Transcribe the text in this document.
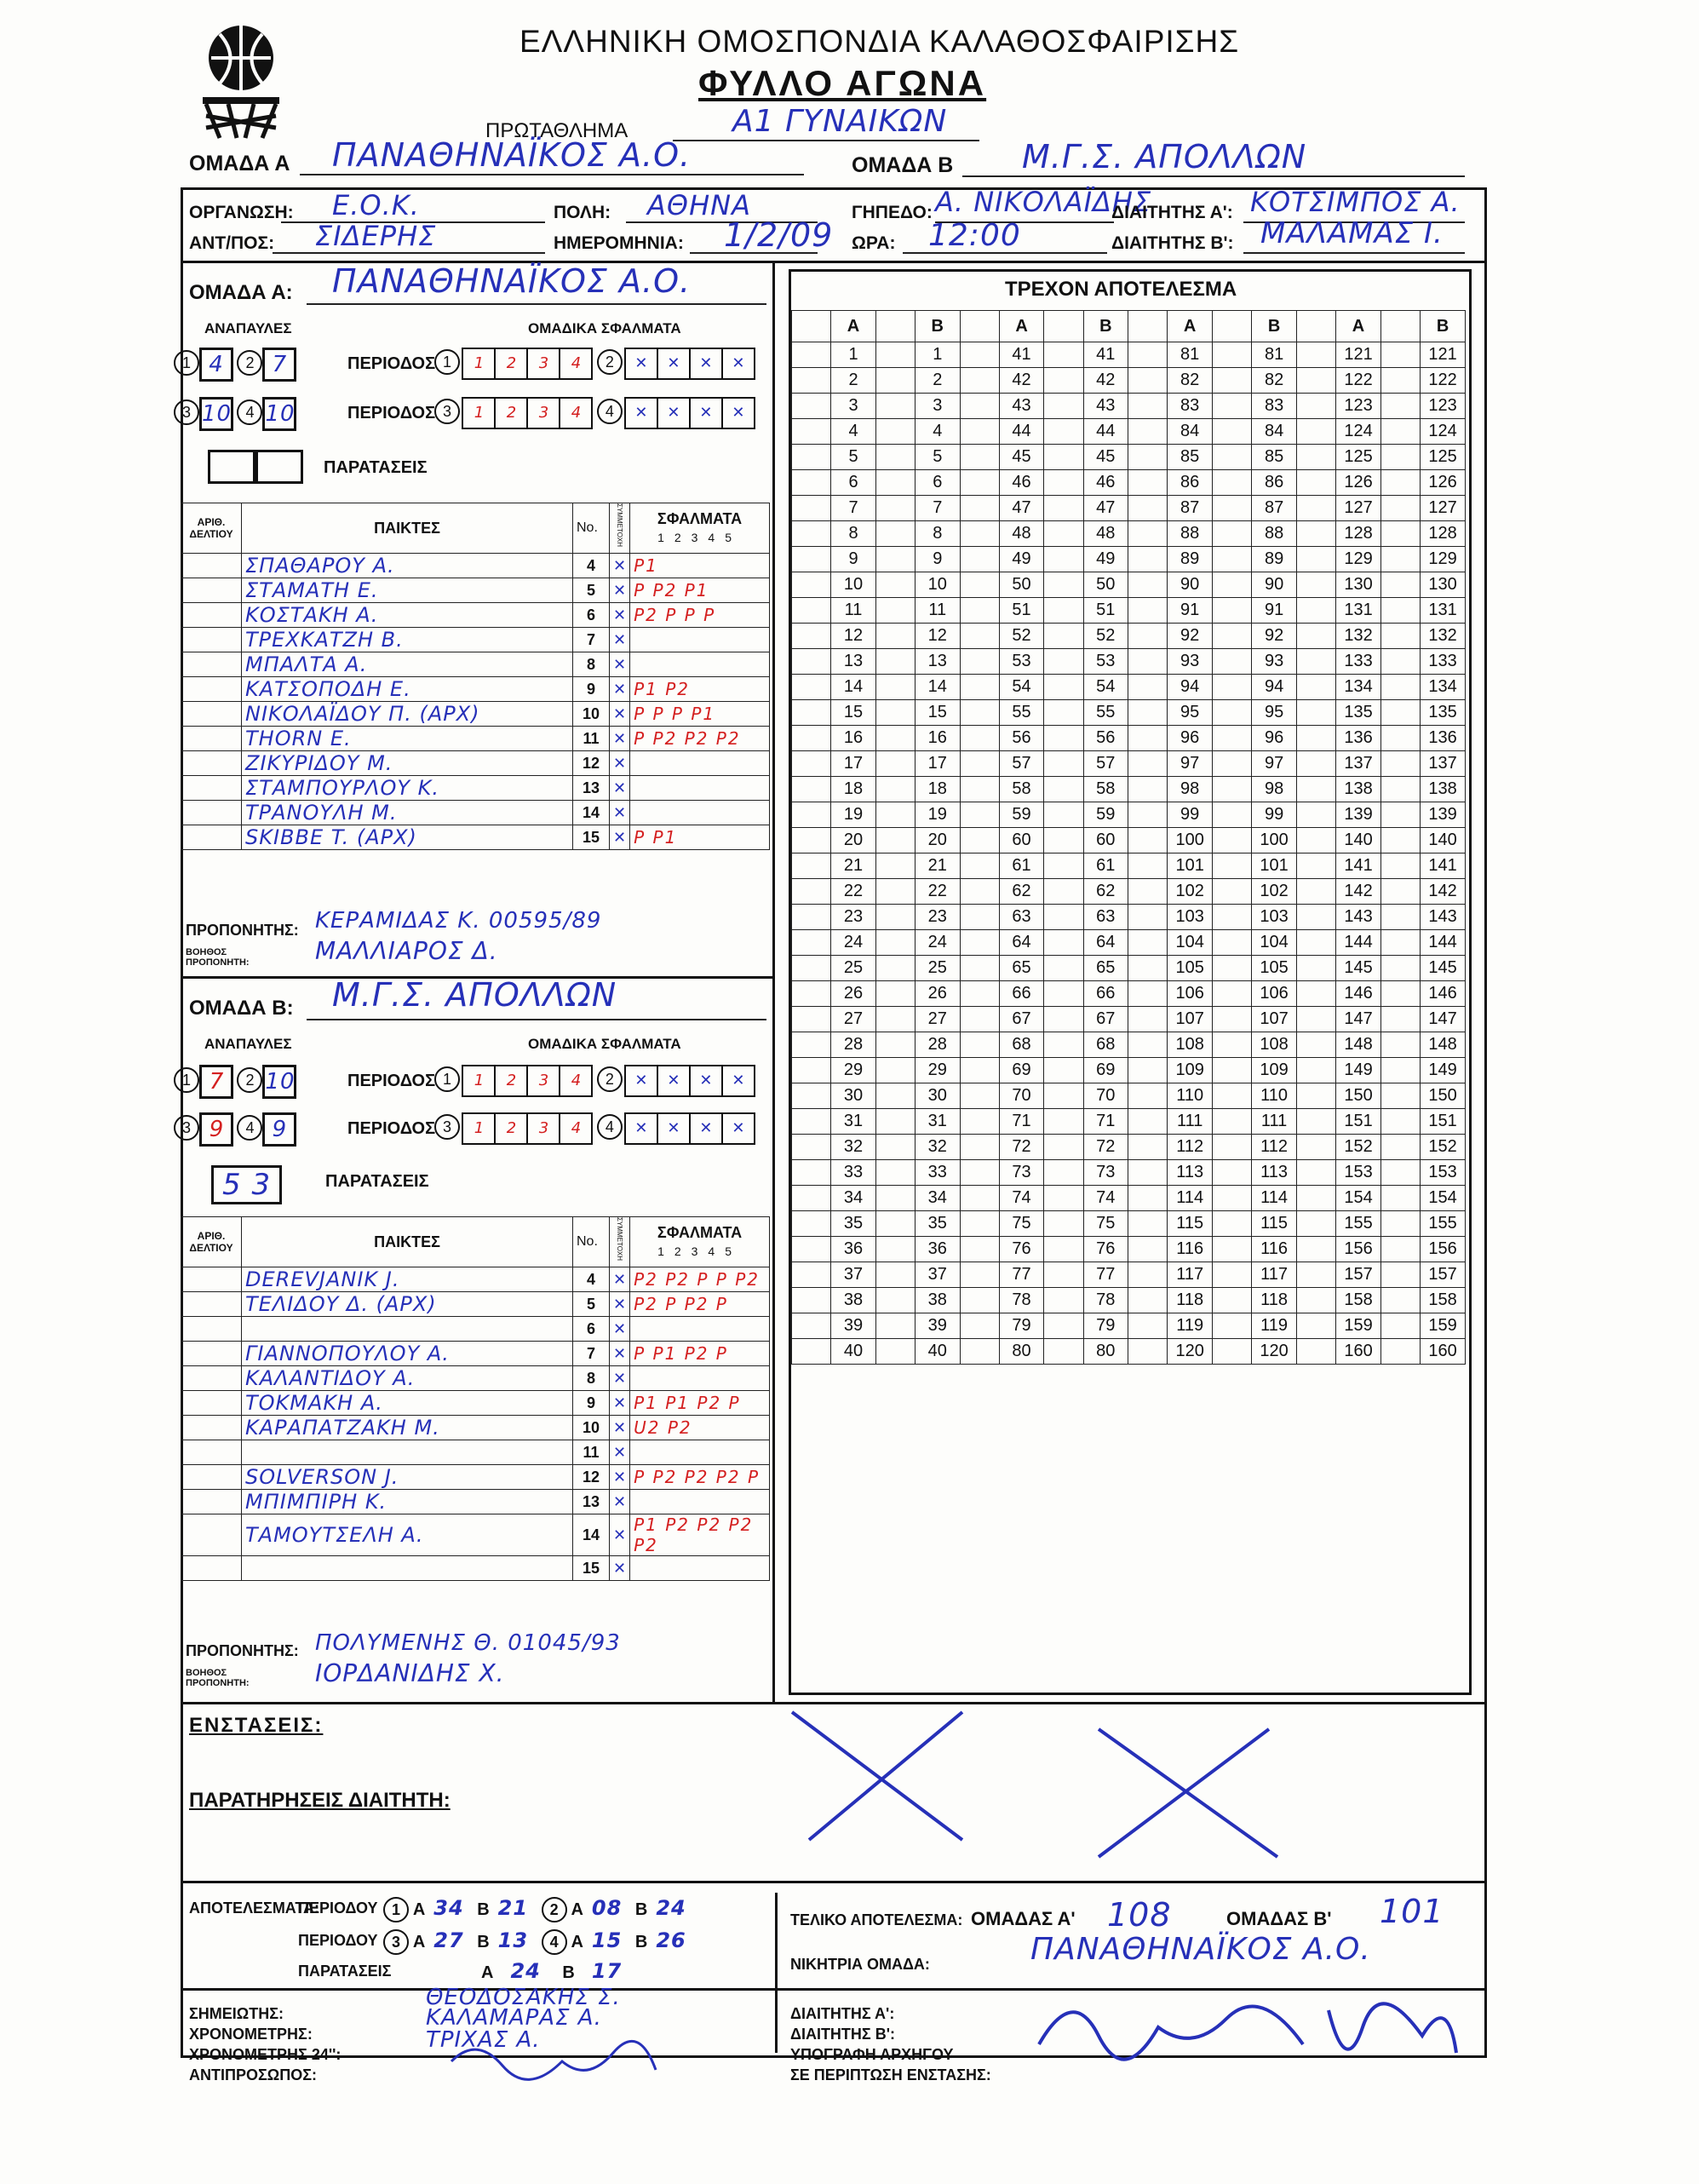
ΕΛΛΗΝΙΚΗ ΟΜΟΣΠΟΝΔΙΑ ΚΑΛΑΘΟΣΦΑΙΡΙΣΗΣ
ΦΥΛΛΟ ΑΓΩΝΑ
ΠΡΩΤΑΘΛΗΜΑ	Α1 ΓΥΝΑΙΚΩΝ
ΟΜΑΔΑ Α ΠΑΝΑΘΗΝΑΪΚΟΣ Α.Ο.	ΟΜΑΔΑ Β Μ.Γ.Σ. ΑΠΟΛΛΩΝ
ΟΡΓΑΝΩΣΗ: Ε.Ο.Κ.
ΑΝΤ/ΠΟΣ: ΣΙΔΕΡΗΣ
ΠΟΛΗ: ΑΘΗΝΑ
ΗΜΕΡΟΜΗΝΙΑ: 1/2/09
ΓΗΠΕΔΟ: Α. ΝΙΚΟΛΑΪΔΗΣ
ΩΡΑ: 12:00
ΔΙΑΙΤΗΤΗΣ Α': ΚΟΤΣΙΜΠΟΣ Α.
ΔΙΑΙΤΗΤΗΣ Β': ΜΑΛΑΜΑΣ Ι.
ΟΜΑΔΑ Α: ΠΑΝΑΘΗΝΑΪΚΟΣ Α.Ο.
ΑΝΑΠΑΥΛΕΣ	ΟΜΑΔΙΚΑ ΣΦΑΛΜΑΤΑ
1 4 2 7	ΠΕΡΙΟΔΟΣ 1 1 2 3 4 2 ✕ ✕ ✕ ✕
3 10 4 10	ΠΕΡΙΟΔΟΣ 3 1 2 3 4 4 ✕ ✕ ✕ ✕
ΠΑΡΑΤΑΣΕΙΣ
ΑΡΙΘ. ΔΕΛΤΙΟΥ	ΠΑΙΚΤΕΣ	No.	ΣΥΜΜΕΤΟΧΗ	ΣΦΑΛΜΑΤΑ
12345
	ΣΠΑΘΑΡΟΥ Α.	4	✕	P1
	ΣΤΑΜΑΤΗ Ε.	5	✕	P P2 P1
	ΚΟΣΤΑΚΗ Α.	6	✕	P2 P P P
	ΤΡΕΧΚΑΤΖΗ Β.	7	✕	
	ΜΠΑΛΤΑ Α.	8	✕	
	ΚΑΤΣΟΠΟΔΗ Ε.	9	✕	P1 P2
	ΝΙΚΟΛΑΪΔΟΥ Π. (ΑΡΧ)	10	✕	P P P P1
	THORN E.	11	✕	P P2 P2 P2
	ΖΙΚΥΡΙΔΟΥ Μ.	12	✕	
	ΣΤΑΜΠΟΥΡΛΟΥ Κ.	13	✕	
	ΤΡΑΝΟΥΛΗ Μ.	14	✕	
	SKIBBE T. (ΑΡΧ)	15	✕	P P1
ΠΡΟΠΟΝΗΤΗΣ: ΚΕΡΑΜΙΔΑΣ Κ. 00595/89
ΒΟΗΘΟΣ ΠΡΟΠΟΝΗΤΗ:	ΜΑΛΛΙΑΡΟΣ Δ.
ΟΜΑΔΑ Β: Μ.Γ.Σ. ΑΠΟΛΛΩΝ
ΑΝΑΠΑΥΛΕΣ	ΟΜΑΔΙΚΑ ΣΦΑΛΜΑΤΑ
1 7 2 10	ΠΕΡΙΟΔΟΣ 1 1 2 3 4 2 ✕ ✕ ✕ ✕
3 9 4 9	ΠΕΡΙΟΔΟΣ 3 1 2 3 4 4 ✕ ✕ ✕ ✕
5 3	ΠΑΡΑΤΑΣΕΙΣ
ΑΡΙΘ. ΔΕΛΤΙΟΥ	ΠΑΙΚΤΕΣ	No.	ΣΥΜΜΕΤΟΧΗ	ΣΦΑΛΜΑΤΑ
12345
	DEREVJANIK J.	4	✕	P2 P2 P P P2
	ΤΕΛΙΔΟΥ Δ. (ΑΡΧ)	5	✕	P2 P P2 P
		6	✕	
	ΓΙΑΝΝΟΠΟΥΛΟΥ Α.	7	✕	P P1 P2 P
	ΚΑΛΑΝΤΙΔΟΥ Α.	8	✕	
	ΤΟΚΜΑΚΗ Α.	9	✕	P1 P1 P2 P
	ΚΑΡΑΠΑΤΖΑΚΗ Μ.	10	✕	U2 P2
		11	✕	
	SOLVERSON J.	12	✕	P P2 P2 P2 P
	ΜΠΙΜΠΙΡΗ Κ.	13	✕	
	ΤΑΜΟΥΤΣΕΛΗ Α.	14	✕	P1 P2 P2 P2 P2
		15	✕	
ΠΡΟΠΟΝΗΤΗΣ: ΠΟΛΥΜΕΝΗΣ Θ. 01045/93
ΒΟΗΘΟΣ ΠΡΟΠΟΝΗΤΗ:	ΙΟΡΔΑΝΙΔΗΣ Χ.
ΤΡΕΧΟΝ ΑΠΟΤΕΛΕΣΜΑ
	Α		Β		Α		Β		Α		Β		Α		Β
	1		1		41		41		81		81		121		121
	2		2		42		42		82		82		122		122
	3		3		43		43		83		83		123		123
	4		4		44		44		84		84		124		124
	5		5		45		45		85		85		125		125
	6		6		46		46		86		86		126		126
	7		7		47		47		87		87		127		127
	8		8		48		48		88		88		128		128
	9		9		49		49		89		89		129		129
	10		10		50		50		90		90		130		130
	11		11		51		51		91		91		131		131
	12		12		52		52		92		92		132		132
	13		13		53		53		93		93		133		133
	14		14		54		54		94		94		134		134
	15		15		55		55		95		95		135		135
	16		16		56		56		96		96		136		136
	17		17		57		57		97		97		137		137
	18		18		58		58		98		98		138		138
	19		19		59		59		99		99		139		139
	20		20		60		60		100		100		140		140
	21		21		61		61		101		101		141		141
	22		22		62		62		102		102		142		142
	23		23		63		63		103		103		143		143
	24		24		64		64		104		104		144		144
	25		25		65		65		105		105		145		145
	26		26		66		66		106		106		146		146
	27		27		67		67		107		107		147		147
	28		28		68		68		108		108		148		148
	29		29		69		69		109		109		149		149
	30		30		70		70		110		110		150		150
	31		31		71		71		111		111		151		151
	32		32		72		72		112		112		152		152
	33		33		73		73		113		113		153		153
	34		34		74		74		114		114		154		154
	35		35		75		75		115		115		155		155
	36		36		76		76		116		116		156		156
	37		37		77		77		117		117		157		157
	38		38		78		78		118		118		158		158
	39		39		79		79		119		119		159		159
	40		40		80		80		120		120		160		160
ΕΝΣΤΑΣΕΙΣ:
ΠΑΡΑΤΗΡΗΣΕΙΣ ΔΙΑΙΤΗΤΗ:
ΑΠΟΤΕΛΕΣΜΑΤΑ:
ΠΕΡΙΟΔΟΥ 1 Α 34 Β 21 2 Α 08 Β 24
ΠΕΡΙΟΔΟΥ 3 Α 27 Β 13 4 Α 15 Β 26
ΠΑΡΑΤΑΣΕΙΣ	Α 24 Β 17
ΤΕΛΙΚΟ ΑΠΟΤΕΛΕΣΜΑ: ΟΜΑΔΑΣ Α' 108	ΟΜΑΔΑΣ Β' 101
ΝΙΚΗΤΡΙΑ ΟΜΑΔΑ:	ΠΑΝΑΘΗΝΑΪΚΟΣ Α.Ο.
ΣΗΜΕΙΩΤΗΣ:
ΘΕΟΔΟΣΑΚΗΣ Σ.
ΧΡΟΝΟΜΕΤΡΗΣ:
ΚΑΛΑΜΑΡΑΣ Α.
ΧΡΟΝΟΜΕΤΡΗΣ 24'':
ΤΡΙΧΑΣ Α.
ΑΝΤΙΠΡΟΣΩΠΟΣ:
ΔΙΑΙΤΗΤΗΣ Α':
ΔΙΑΙΤΗΤΗΣ Β':
ΥΠΟΓΡΑΦΗ ΑΡΧΗΓΟΥ
ΣΕ ΠΕΡΙΠΤΩΣΗ ΕΝΣΤΑΣΗΣ:
